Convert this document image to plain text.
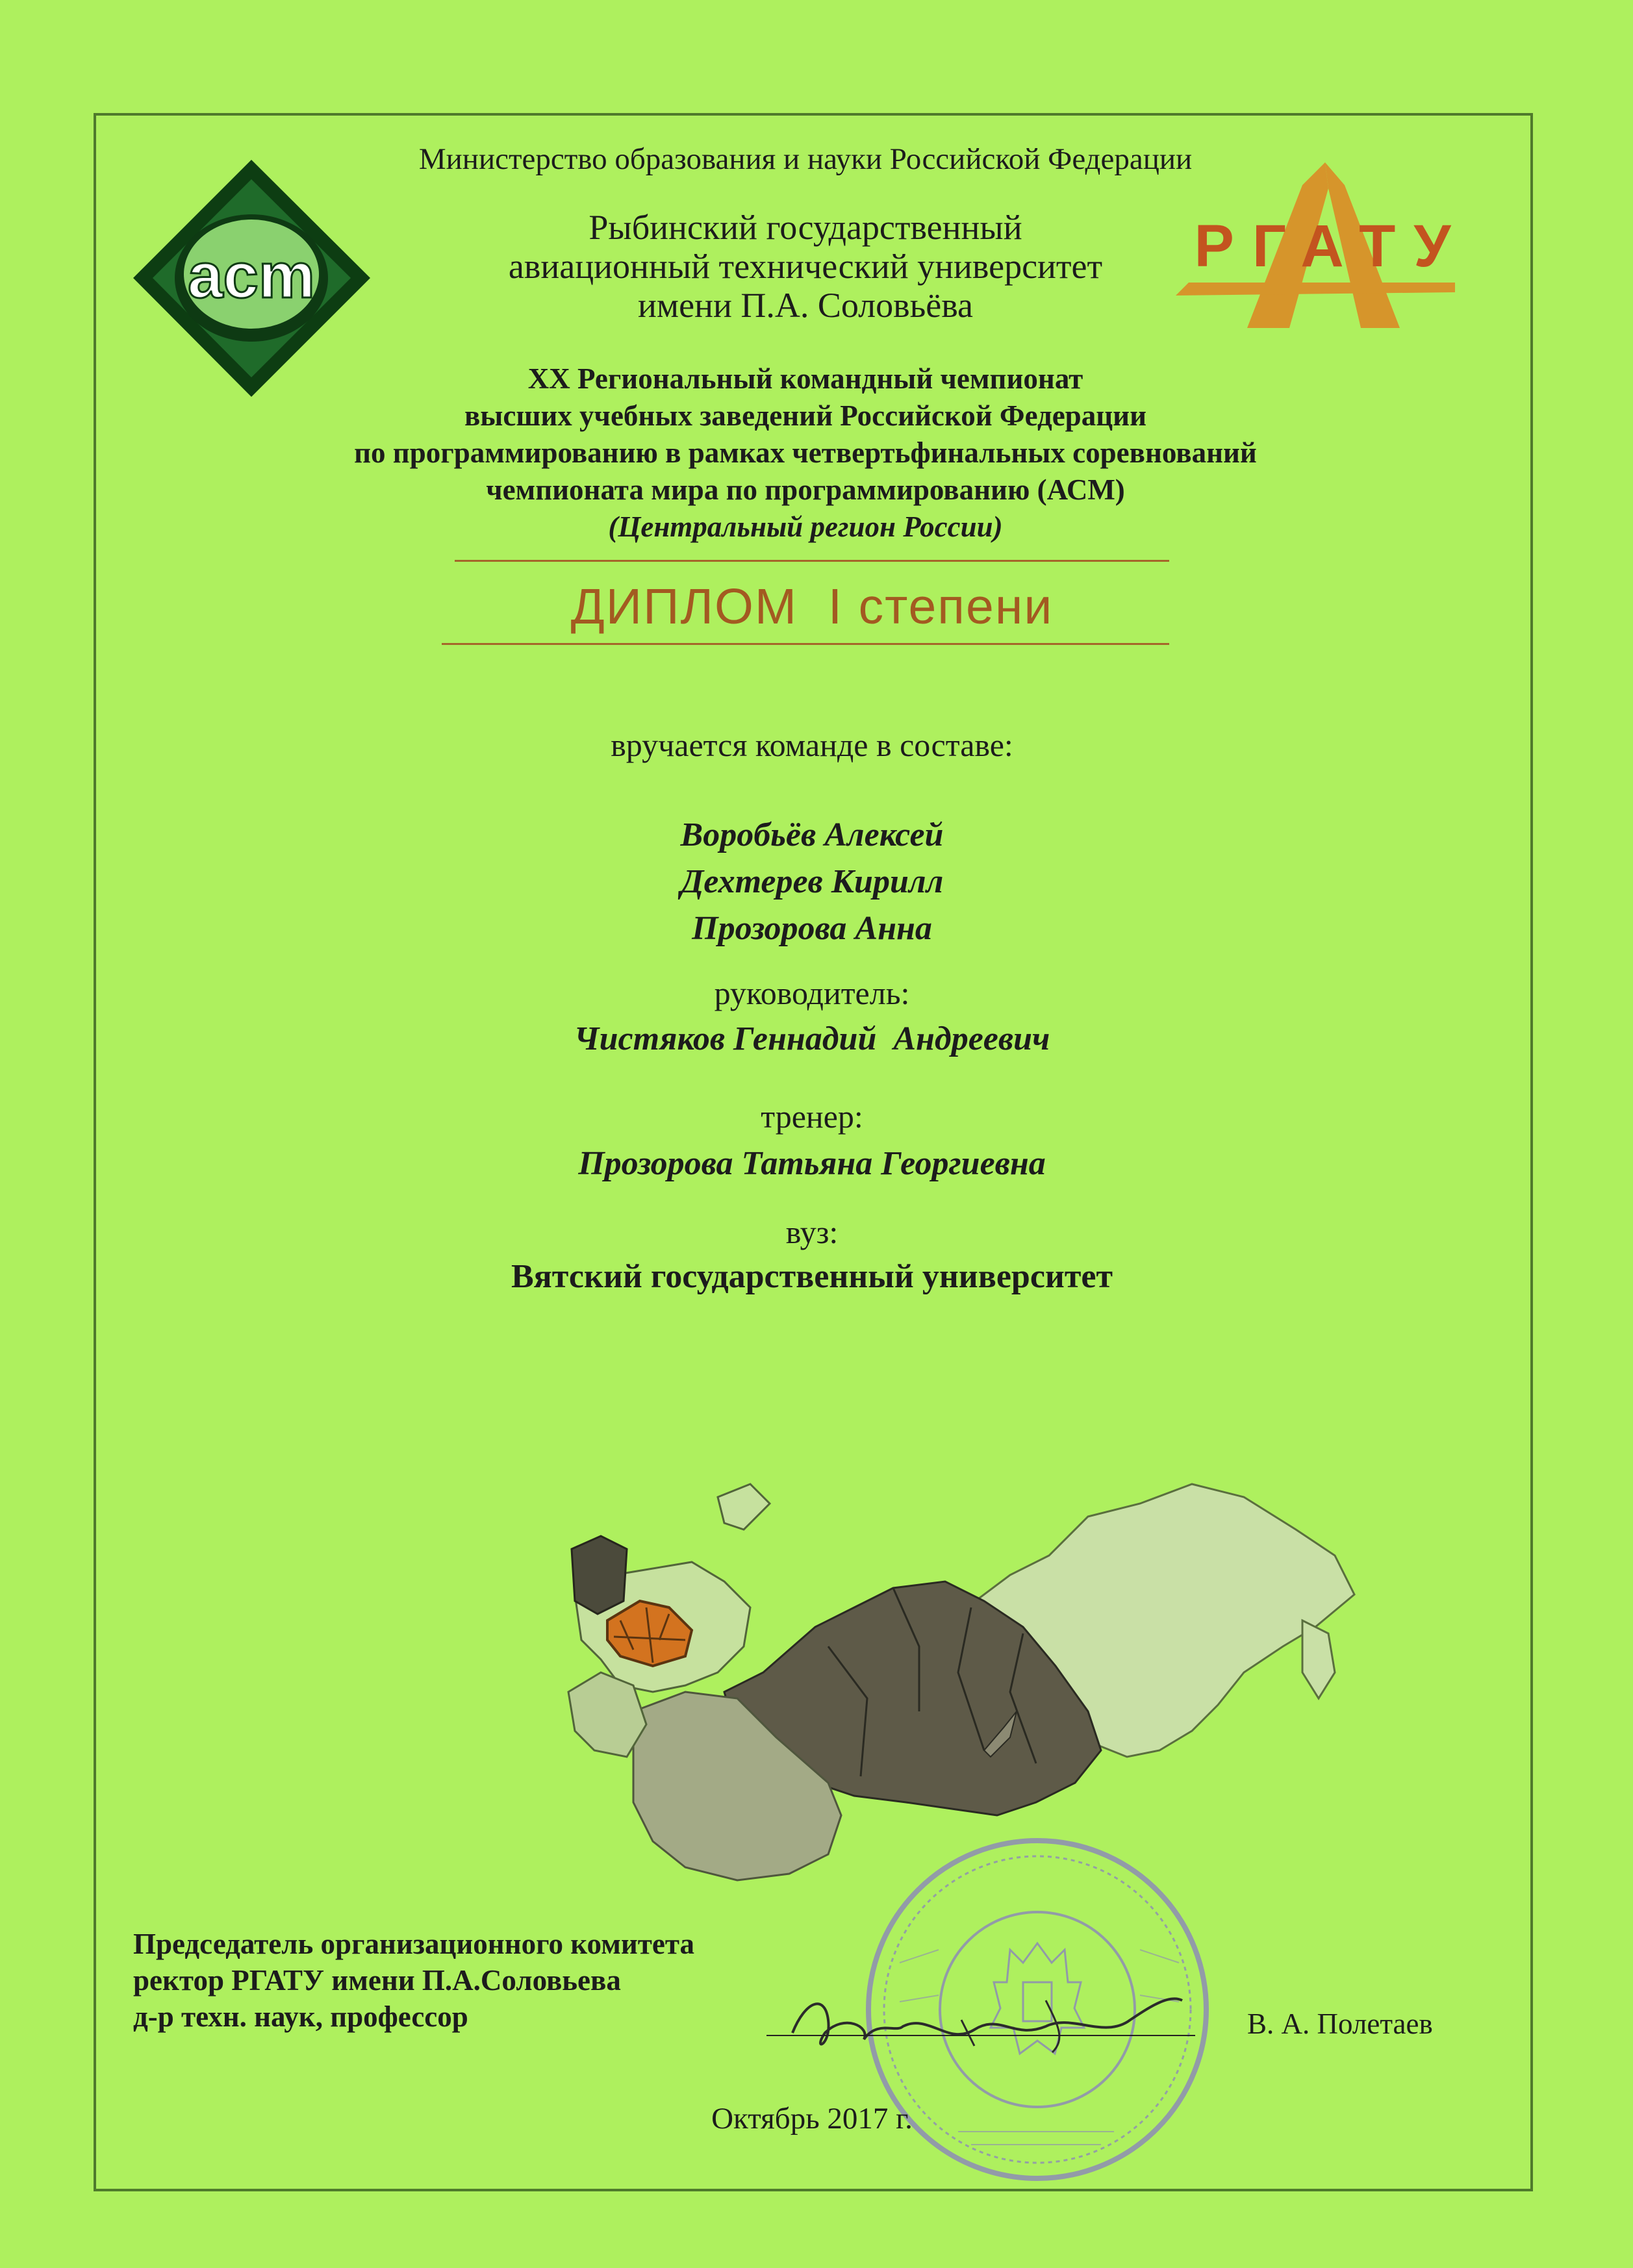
acm	РГАТУ
Министерство образования и науки Российской Федерации
Рыбинский государственный
авиационный технический университет
имени П.А. Соловьёва
XX Региональный командный чемпионат
высших учебных заведений Российской Федерации
по программированию в рамках четвертьфинальных соревнований
чемпионата мира по программированию (АСМ)
(Центральный регион России)
ДИПЛОМ  I степени
вручается команде в составе:
Воробьёв Алексей
Дехтерев Кирилл
Прозорова Анна
руководитель:
Чистяков Геннадий  Андреевич
тренер:
Прозорова Татьяна Георгиевна
вуз:
Вятский государственный университет
Председатель организационного комитета
ректор РГАТУ имени П.А.Соловьева
д-р техн. наук, профессор	В. А. Полетаев
Октябрь 2017 г.
